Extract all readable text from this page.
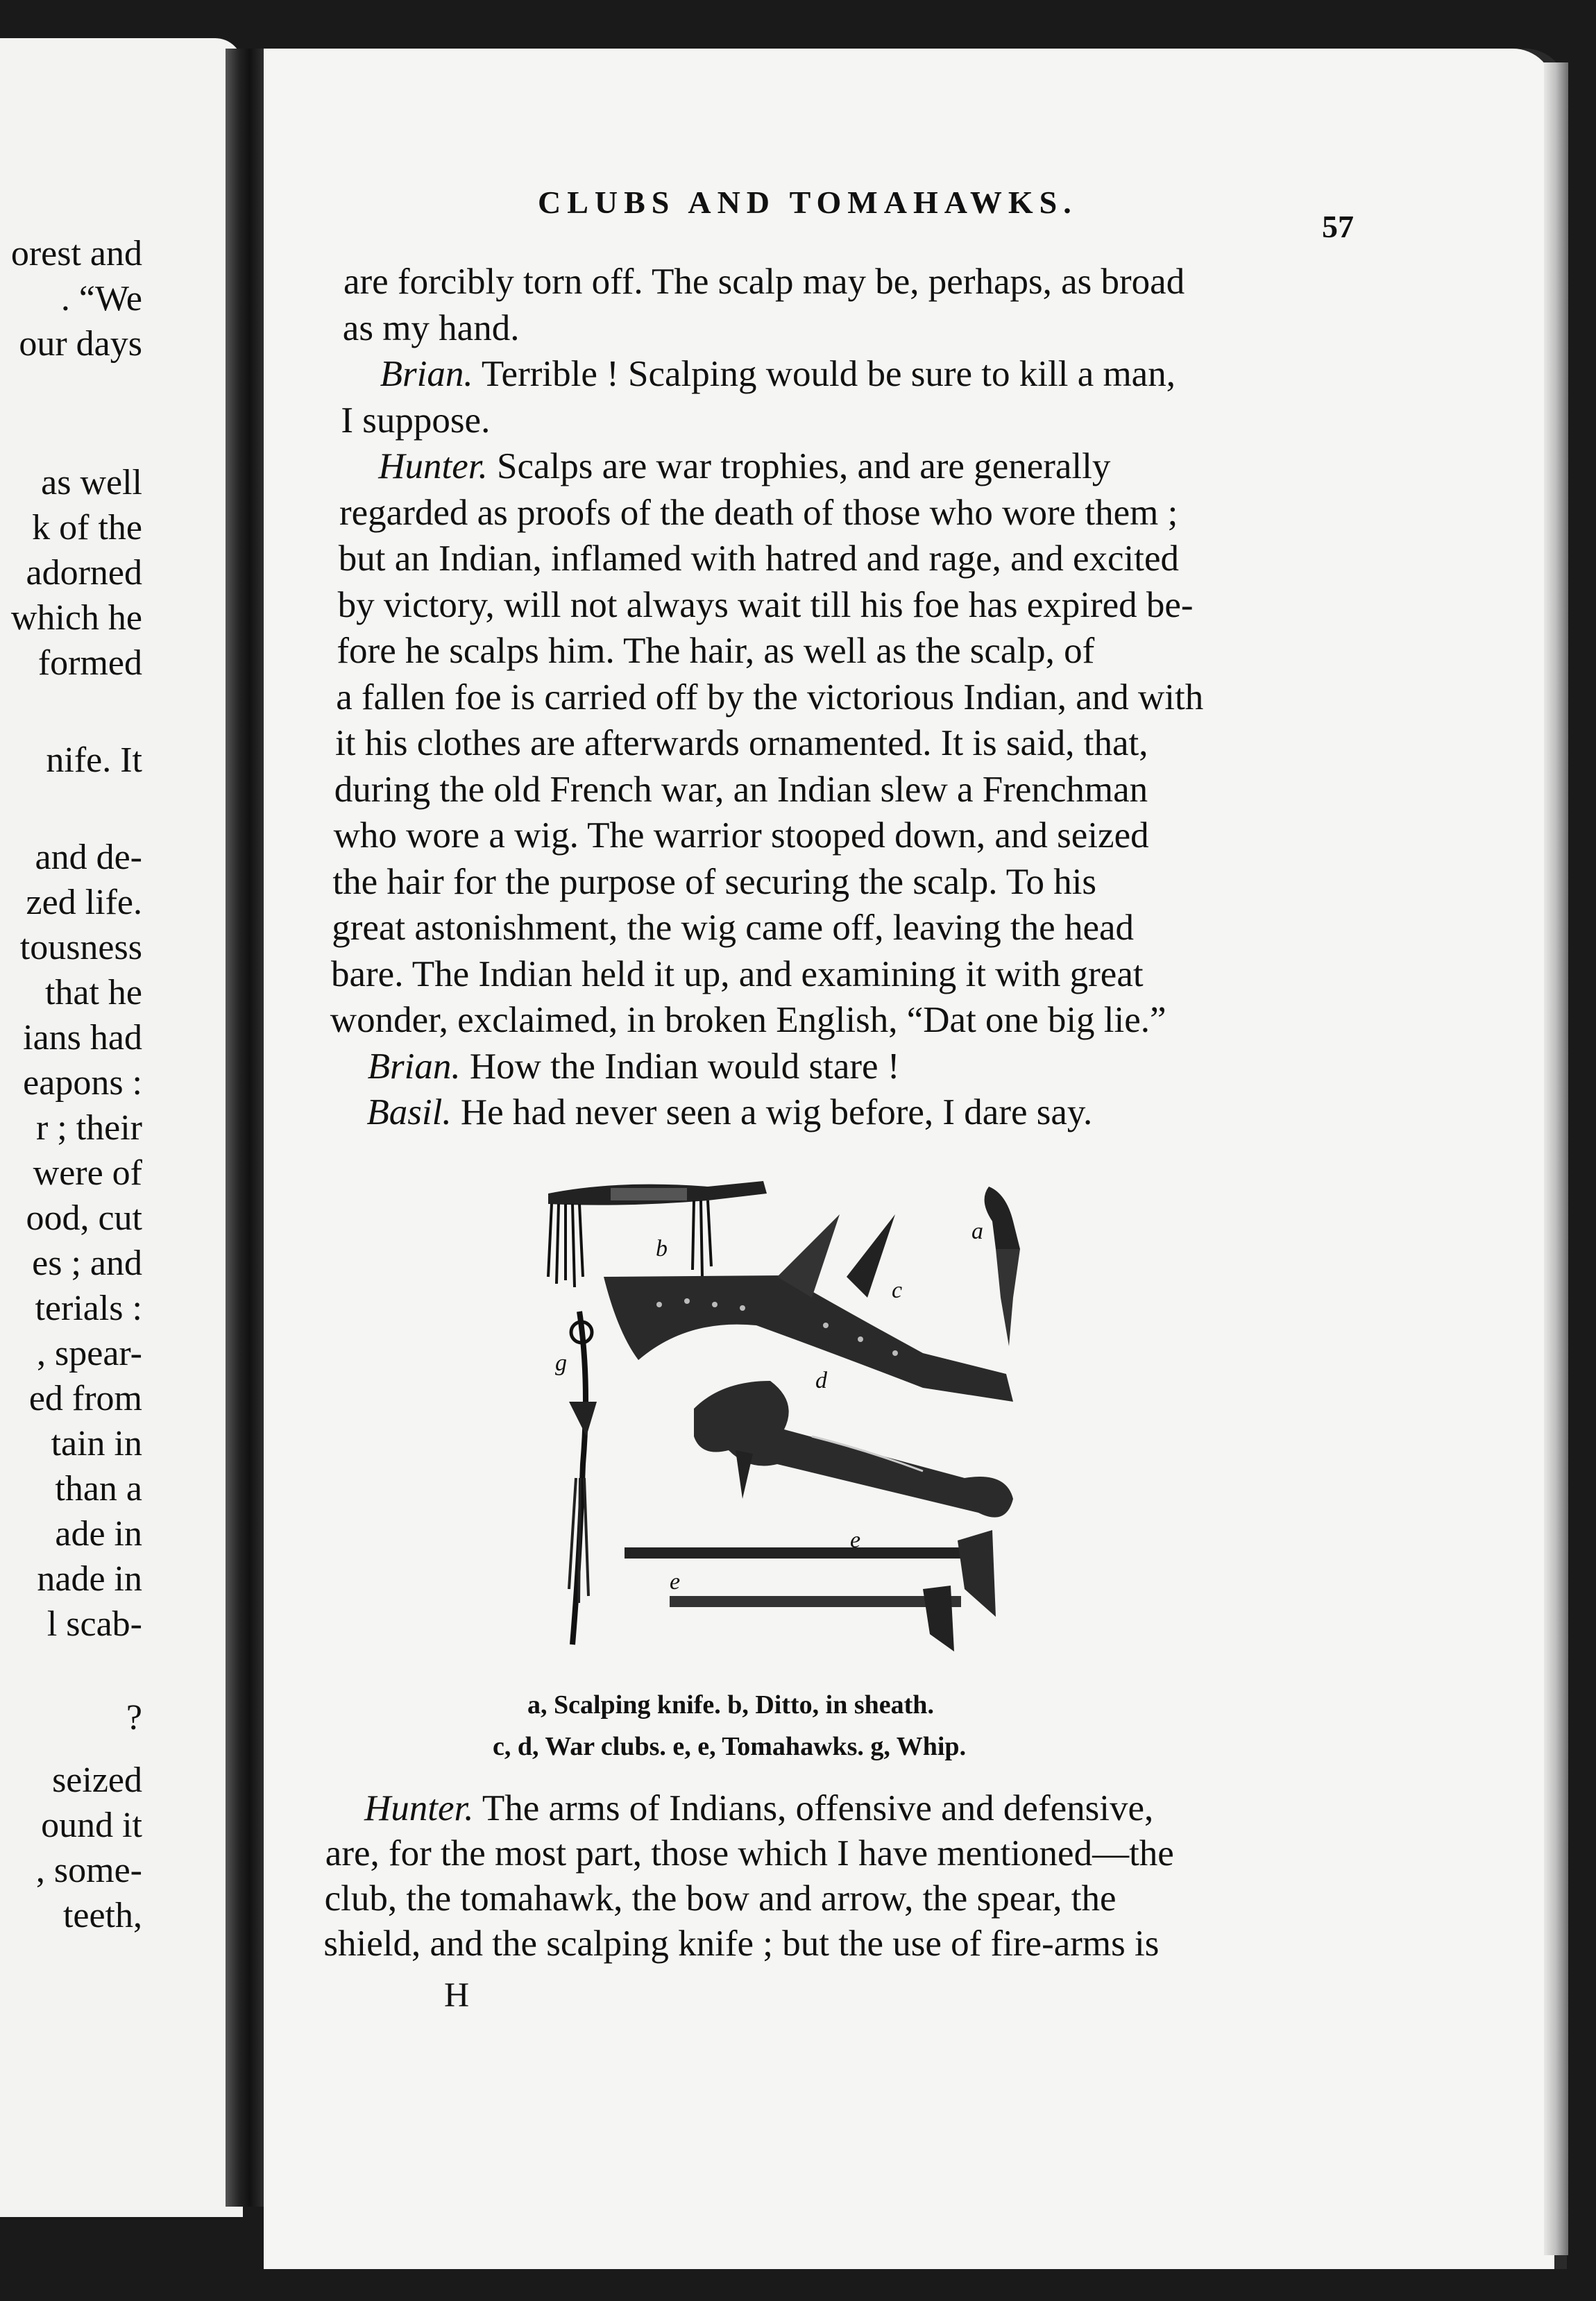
orest and
. “We
our days
as well
k of the
adorned
which he
formed
nife. It
and de-
zed life.
tousness
that he
ians had
eapons :
r ; their
were of
ood, cut
es ; and
terials :
, spear-
ed from
tain in
than a
ade in
nade in
l scab-
?
seized
ound it
, some-
teeth,
CLUBS AND TOMAHAWKS.
57
are forcibly torn off. The scalp may be, perhaps, as broad
as my hand.
Brian. Terrible ! Scalping would be sure to kill a man,
I suppose.
Hunter. Scalps are war trophies, and are generally
regarded as proofs of the death of those who wore them ;
but an Indian, inflamed with hatred and rage, and excited
by victory, will not always wait till his foe has expired be-
fore he scalps him. The hair, as well as the scalp, of
a fallen foe is carried off by the victorious Indian, and with
it his clothes are afterwards ornamented. It is said, that,
during the old French war, an Indian slew a Frenchman
who wore a wig. The warrior stooped down, and seized
the hair for the purpose of securing the scalp. To his
great astonishment, the wig came off, leaving the head
bare. The Indian held it up, and examining it with great
wonder, exclaimed, in broken English, “Dat one big lie.”
Brian. How the Indian would stare !
Basil. He had never seen a wig before, I dare say.
a
b
c
d
e
e
g
a, Scalping knife. b, Ditto, in sheath.
c, d, War clubs. e, e, Tomahawks. g, Whip.
Hunter. The arms of Indians, offensive and defensive,
are, for the most part, those which I have mentioned—the
club, the tomahawk, the bow and arrow, the spear, the
shield, and the scalping knife ; but the use of fire-arms is
H
